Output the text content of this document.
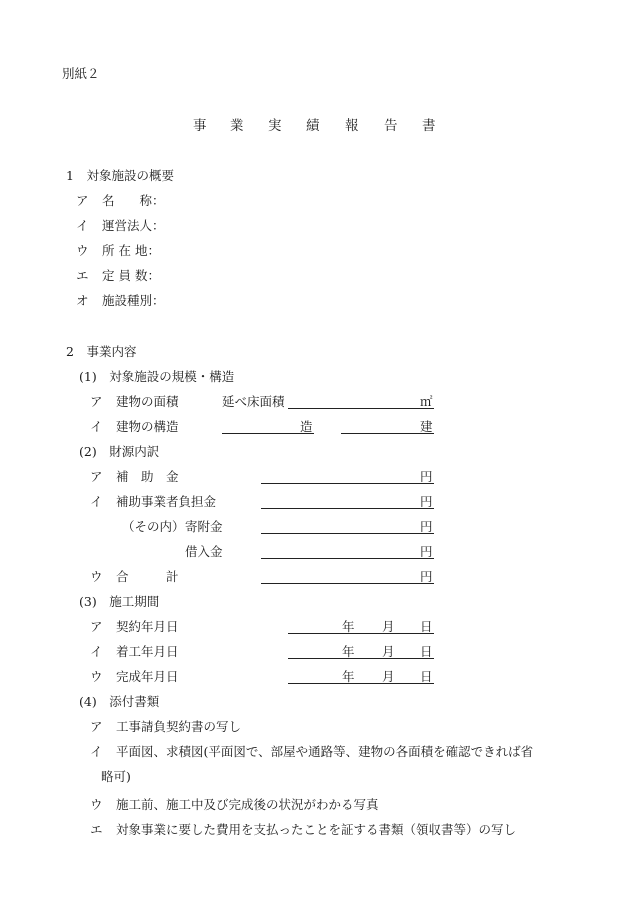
別紙２
事 業 実 績 報 告 書
1　対象施設の概要
ア 名　　称：
イ 運営法人：
ウ 所 在 地：
エ 定 員 数：
オ 施設種別：
2　事業内容
(1)　対象施設の規模・構造
ア 建物の面積	延べ床面積	㎡
イ 建物の構造	造	建
(2)　財源内訳
ア 補　助　金	円
イ 補助事業者負担金	円
（その内） 寄附金	円
借入金	円
ウ 合　　　計	円
(3)　施工期間
ア 契約年月日	年 月 日
イ 着工年月日	年 月 日
ウ 完成年月日	年 月 日
(4)　添付書類
ア 工事請負契約書の写し
イ 平面図、求積図(平面図で、部屋や通路等、建物の各面積を確認できれば省
略可)
ウ 施工前、施工中及び完成後の状況がわかる写真
エ 対象事業に要した費用を支払ったことを証する書類（領収書等）の写し
